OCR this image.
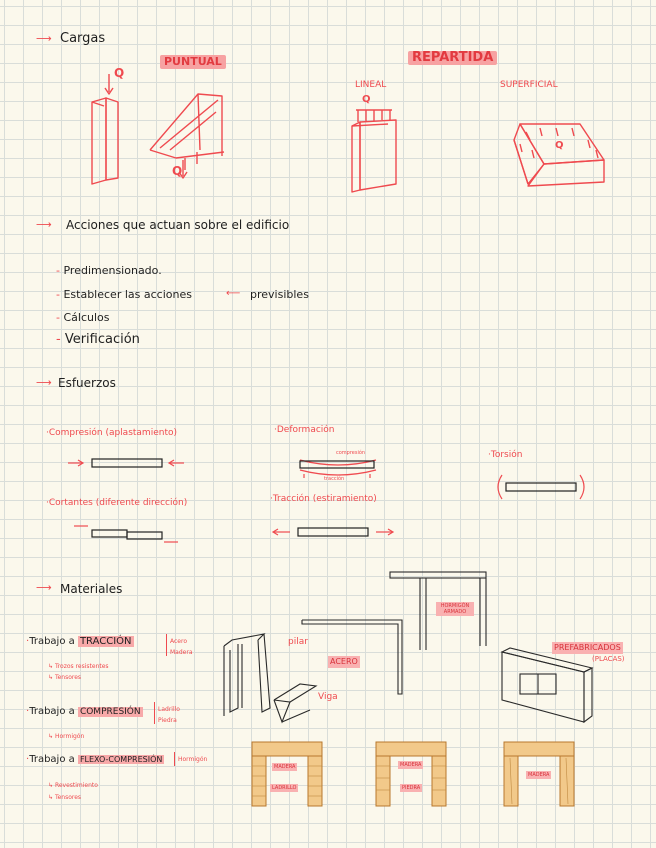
⟶ Cargas
PUNTUAL	REPARTIDA
LINEAL	SUPERFICIAL
Q
Q
Q
Q
⟶ Acciones que actuan sobre el edificio
- Predimensionado.
- Establecer las acciones	⟵ previsibles
- Cálculos
- Verificación
⟶ Esfuerzos
·Compresión (aplastamiento)	·Deformación
·Torsión
·Cortantes (diferente dirección)	·Tracción (estiramiento)
compresión
tracción
⟶ Materiales
·Trabajo a TRACCIÓN	Acero
Madera
↳ Trozos resistentes
↳ Tensores
·Trabajo a COMPRESIÓN	Ladrillo
Piedra
↳ Hormigón
·Trabajo a FLEXO-COMPRESIÓN	Hormigón
↳ Revestimiento
↳ Tensores
pilar
Viga
ACERO
HORMIGÓN ARMADO
PREFABRICADOS
(PLACAS)
MADERA
LADRILLO
MADERA
PIEDRA
MADERA
